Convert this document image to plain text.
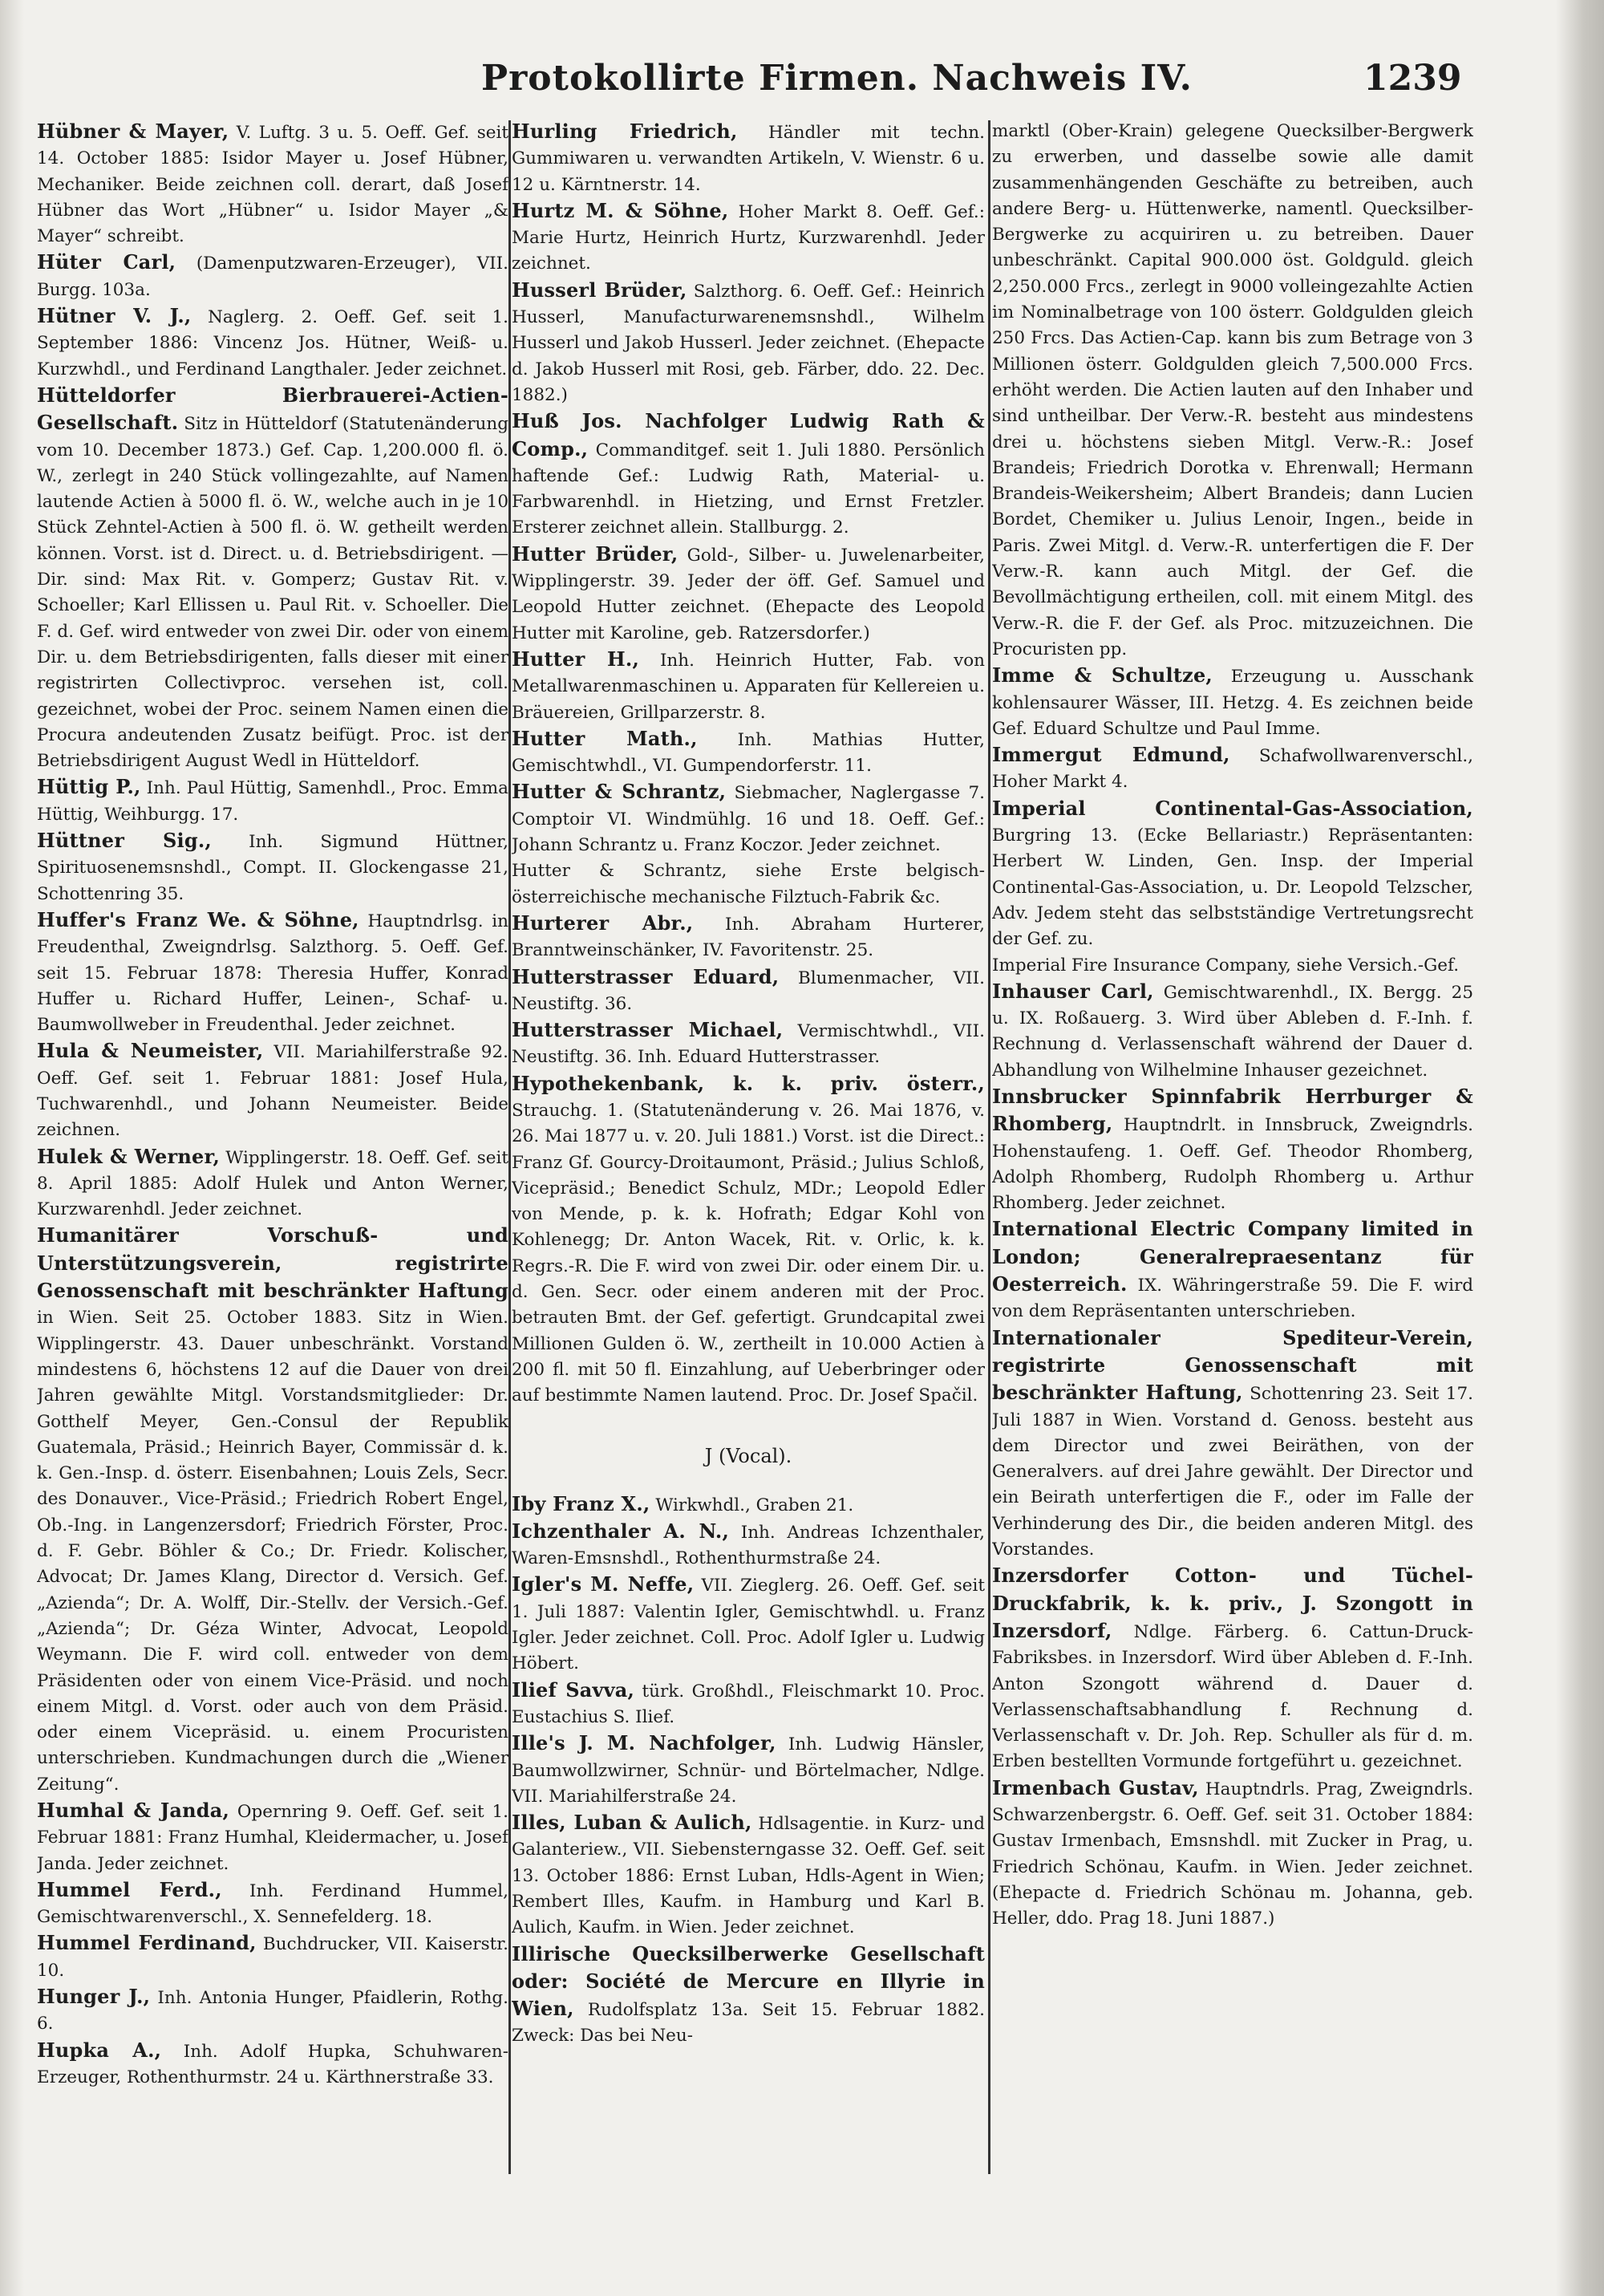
Protokollirte Firmen. Nachweis IV.	1239

Hübner & Mayer, V. Luftg. 3 u. 5. Oeff. Gef. seit 14. October 1885: Isidor Mayer u. Josef Hübner, Mechaniker. Beide zeichnen coll. derart, daß Josef Hübner das Wort „Hübner“ u. Isidor Mayer „& Mayer“ schreibt.

Hüter Carl, (Damenputzwaren-Erzeuger), VII. Burgg. 103a.

Hütner V. J., Naglerg. 2. Oeff. Gef. seit 1. September 1886: Vincenz Jos. Hütner, Weiß- u. Kurzwhdl., und Ferdinand Langthaler. Jeder zeichnet.

Hütteldorfer Bierbrauerei-Actien-Gesellschaft. Sitz in Hütteldorf (Statutenänderung vom 10. December 1873.) Gef. Cap. 1,200.000 fl. ö. W., zerlegt in 240 Stück vollingezahlte, auf Namen lautende Actien à 5000 fl. ö. W., welche auch in je 10 Stück Zehntel-Actien à 500 fl. ö. W. getheilt werden können. Vorst. ist d. Direct. u. d. Betriebsdirigent. — Dir. sind: Max Rit. v. Gomperz; Gustav Rit. v. Schoeller; Karl Ellissen u. Paul Rit. v. Schoeller. Die F. d. Gef. wird entweder von zwei Dir. oder von einem Dir. u. dem Betriebsdirigenten, falls dieser mit einer registrirten Collectivproc. versehen ist, coll. gezeichnet, wobei der Proc. seinem Namen einen die Procura andeutenden Zusatz beifügt. Proc. ist der Betriebsdirigent August Wedl in Hütteldorf.

Hüttig P., Inh. Paul Hüttig, Samenhdl., Proc. Emma Hüttig, Weihburgg. 17.

Hüttner Sig., Inh. Sigmund Hüttner, Spirituosenemsnshdl., Compt. II. Glockengasse 21, Schottenring 35.

Huffer's Franz We. & Söhne, Hauptndrlsg. in Freudenthal, Zweigndrlsg. Salzthorg. 5. Oeff. Gef. seit 15. Februar 1878: Theresia Huffer, Konrad Huffer u. Richard Huffer, Leinen-, Schaf- u. Baumwollweber in Freudenthal. Jeder zeichnet.

Hula & Neumeister, VII. Mariahilferstraße 92. Oeff. Gef. seit 1. Februar 1881: Josef Hula, Tuchwarenhdl., und Johann Neumeister. Beide zeichnen.

Hulek & Werner, Wipplingerstr. 18. Oeff. Gef. seit 8. April 1885: Adolf Hulek und Anton Werner, Kurzwarenhdl. Jeder zeichnet.

Humanitärer Vorschuß- und Unterstützungsverein, registrirte Genossenschaft mit beschränkter Haftung in Wien. Seit 25. October 1883. Sitz in Wien. Wipplingerstr. 43. Dauer unbeschränkt. Vorstand mindestens 6, höchstens 12 auf die Dauer von drei Jahren gewählte Mitgl. Vorstandsmitglieder: Dr. Gotthelf Meyer, Gen.-Consul der Republik Guatemala, Präsid.; Heinrich Bayer, Commissär d. k. k. Gen.-Insp. d. österr. Eisenbahnen; Louis Zels, Secr. des Donauver., Vice-Präsid.; Friedrich Robert Engel, Ob.-Ing. in Langenzersdorf; Friedrich Förster, Proc. d. F. Gebr. Böhler & Co.; Dr. Friedr. Kolischer, Advocat; Dr. James Klang, Director d. Versich. Gef. „Azienda“; Dr. A. Wolff, Dir.-Stellv. der Versich.-Gef. „Azienda“; Dr. Géza Winter, Advocat, Leopold Weymann. Die F. wird coll. entweder von dem Präsidenten oder von einem Vice-Präsid. und noch einem Mitgl. d. Vorst. oder auch von dem Präsid. oder einem Vicepräsid. u. einem Procuristen unterschrieben. Kundmachungen durch die „Wiener Zeitung“.

Humhal & Janda, Opernring 9. Oeff. Gef. seit 1. Februar 1881: Franz Humhal, Kleidermacher, u. Josef Janda. Jeder zeichnet.

Hummel Ferd., Inh. Ferdinand Hummel, Gemischtwarenverschl., X. Sennefelderg. 18.

Hummel Ferdinand, Buchdrucker, VII. Kaiserstr. 10.

Hunger J., Inh. Antonia Hunger, Pfaidlerin, Rothg. 6.

Hupka A., Inh. Adolf Hupka, Schuhwaren-Erzeuger, Rothenthurmstr. 24 u. Kärthnerstraße 33.

Hurling Friedrich, Händler mit techn. Gummiwaren u. verwandten Artikeln, V. Wienstr. 6 u. 12 u. Kärntnerstr. 14.

Hurtz M. & Söhne, Hoher Markt 8. Oeff. Gef.: Marie Hurtz, Heinrich Hurtz, Kurzwarenhdl. Jeder zeichnet.

Husserl Brüder, Salzthorg. 6. Oeff. Gef.: Heinrich Husserl, Manufacturwarenemsnshdl., Wilhelm Husserl und Jakob Husserl. Jeder zeichnet. (Ehepacte d. Jakob Husserl mit Rosi, geb. Färber, ddo. 22. Dec. 1882.)

Huß Jos. Nachfolger Ludwig Rath & Comp., Commanditgef. seit 1. Juli 1880. Persönlich haftende Gef.: Ludwig Rath, Material- u. Farbwarenhdl. in Hietzing, und Ernst Fretzler. Ersterer zeichnet allein. Stallburgg. 2.

Hutter Brüder, Gold-, Silber- u. Juwelenarbeiter, Wipplingerstr. 39. Jeder der öff. Gef. Samuel und Leopold Hutter zeichnet. (Ehepacte des Leopold Hutter mit Karoline, geb. Ratzersdorfer.)

Hutter H., Inh. Heinrich Hutter, Fab. von Metallwarenmaschinen u. Apparaten für Kellereien u. Bräuereien, Grillparzerstr. 8.

Hutter Math., Inh. Mathias Hutter, Gemischtwhdl., VI. Gumpendorferstr. 11.

Hutter & Schrantz, Siebmacher, Naglergasse 7. Comptoir VI. Windmühlg. 16 und 18. Oeff. Gef.: Johann Schrantz u. Franz Koczor. Jeder zeichnet.

Hutter & Schrantz, siehe Erste belgisch-österreichische mechanische Filztuch-Fabrik &c.

Hurterer Abr., Inh. Abraham Hurterer, Branntweinschänker, IV. Favoritenstr. 25.

Hutterstrasser Eduard, Blumenmacher, VII. Neustiftg. 36.

Hutterstrasser Michael, Vermischtwhdl., VII. Neustiftg. 36. Inh. Eduard Hutterstrasser.

Hypothekenbank, k. k. priv. österr., Strauchg. 1. (Statutenänderung v. 26. Mai 1876, v. 26. Mai 1877 u. v. 20. Juli 1881.) Vorst. ist die Direct.: Franz Gf. Gourcy-Droitaumont, Präsid.; Julius Schloß, Vicepräsid.; Benedict Schulz, MDr.; Leopold Edler von Mende, p. k. k. Hofrath; Edgar Kohl von Kohlenegg; Dr. Anton Wacek, Rit. v. Orlic, k. k. Regrs.-R. Die F. wird von zwei Dir. oder einem Dir. u. d. Gen. Secr. oder einem anderen mit der Proc. betrauten Bmt. der Gef. gefertigt. Grundcapital zwei Millionen Gulden ö. W., zertheilt in 10.000 Actien à 200 fl. mit 50 fl. Einzahlung, auf Ueberbringer oder auf bestimmte Namen lautend. Proc. Dr. Josef Spačil.

J (Vocal).

Iby Franz X., Wirkwhdl., Graben 21.

Ichzenthaler A. N., Inh. Andreas Ichzenthaler, Waren-Emsnshdl., Rothenthurmstraße 24.

Igler's M. Neffe, VII. Zieglerg. 26. Oeff. Gef. seit 1. Juli 1887: Valentin Igler, Gemischtwhdl. u. Franz Igler. Jeder zeichnet. Coll. Proc. Adolf Igler u. Ludwig Höbert.

Ilief Savva, türk. Großhdl., Fleischmarkt 10. Proc. Eustachius S. Ilief.

Ille's J. M. Nachfolger, Inh. Ludwig Hänsler, Baumwollzwirner, Schnür- und Börtelmacher, Ndlge. VII. Mariahilferstraße 24.

Illes, Luban & Aulich, Hdlsagentie. in Kurz- und Galanteriew., VII. Siebensterngasse 32. Oeff. Gef. seit 13. October 1886: Ernst Luban, Hdls-Agent in Wien; Rembert Illes, Kaufm. in Hamburg und Karl B. Aulich, Kaufm. in Wien. Jeder zeichnet.

Illirische Quecksilberwerke Gesellschaft oder: Société de Mercure en Illyrie in Wien, Rudolfsplatz 13a. Seit 15. Februar 1882. Zweck: Das bei Neu-

marktl (Ober-Krain) gelegene Quecksilber-Bergwerk zu erwerben, und dasselbe sowie alle damit zusammenhängenden Geschäfte zu betreiben, auch andere Berg- u. Hüttenwerke, namentl. Quecksilber-Bergwerke zu acquiriren u. zu betreiben. Dauer unbeschränkt. Capital 900.000 öst. Goldguld. gleich 2,250.000 Frcs., zerlegt in 9000 volleingezahlte Actien im Nominalbetrage von 100 österr. Goldgulden gleich 250 Frcs. Das Actien-Cap. kann bis zum Betrage von 3 Millionen österr. Goldgulden gleich 7,500.000 Frcs. erhöht werden. Die Actien lauten auf den Inhaber und sind untheilbar. Der Verw.-R. besteht aus mindestens drei u. höchstens sieben Mitgl. Verw.-R.: Josef Brandeis; Friedrich Dorotka v. Ehrenwall; Hermann Brandeis-Weikersheim; Albert Brandeis; dann Lucien Bordet, Chemiker u. Julius Lenoir, Ingen., beide in Paris. Zwei Mitgl. d. Verw.-R. unterfertigen die F. Der Verw.-R. kann auch Mitgl. der Gef. die Bevollmächtigung ertheilen, coll. mit einem Mitgl. des Verw.-R. die F. der Gef. als Proc. mitzuzeichnen. Die Procuristen pp.

Imme & Schultze, Erzeugung u. Ausschank kohlensaurer Wässer, III. Hetzg. 4. Es zeichnen beide Gef. Eduard Schultze und Paul Imme.

Immergut Edmund, Schafwollwarenverschl., Hoher Markt 4.

Imperial Continental-Gas-Association, Burgring 13. (Ecke Bellariastr.) Repräsentanten: Herbert W. Linden, Gen. Insp. der Imperial Continental-Gas-Association, u. Dr. Leopold Telzscher, Adv. Jedem steht das selbstständige Vertretungsrecht der Gef. zu.

Imperial Fire Insurance Company, siehe Versich.-Gef.

Inhauser Carl, Gemischtwarenhdl., IX. Bergg. 25 u. IX. Roßauerg. 3. Wird über Ableben d. F.-Inh. f. Rechnung d. Verlassenschaft während der Dauer d. Abhandlung von Wilhelmine Inhauser gezeichnet.

Innsbrucker Spinnfabrik Herrburger & Rhomberg, Hauptndrlt. in Innsbruck, Zweigndrls. Hohenstaufeng. 1. Oeff. Gef. Theodor Rhomberg, Adolph Rhomberg, Rudolph Rhomberg u. Arthur Rhomberg. Jeder zeichnet.

International Electric Company limited in London; Generalrepraesentanz für Oesterreich. IX. Währingerstraße 59. Die F. wird von dem Repräsentanten unterschrieben.

Internationaler Spediteur-Verein, registrirte Genossenschaft mit beschränkter Haftung, Schottenring 23. Seit 17. Juli 1887 in Wien. Vorstand d. Genoss. besteht aus dem Director und zwei Beiräthen, von der Generalvers. auf drei Jahre gewählt. Der Director und ein Beirath unterfertigen die F., oder im Falle der Verhinderung des Dir., die beiden anderen Mitgl. des Vorstandes.

Inzersdorfer Cotton- und Tüchel-Druckfabrik, k. k. priv., J. Szongott in Inzersdorf, Ndlge. Färberg. 6. Cattun-Druck-Fabriksbes. in Inzersdorf. Wird über Ableben d. F.-Inh. Anton Szongott während d. Dauer d. Verlassenschaftsabhandlung f. Rechnung d. Verlassenschaft v. Dr. Joh. Rep. Schuller als für d. m. Erben bestellten Vormunde fortgeführt u. gezeichnet.

Irmenbach Gustav, Hauptndrls. Prag, Zweigndrls. Schwarzenbergstr. 6. Oeff. Gef. seit 31. October 1884: Gustav Irmenbach, Emsnshdl. mit Zucker in Prag, u. Friedrich Schönau, Kaufm. in Wien. Jeder zeichnet. (Ehepacte d. Friedrich Schönau m. Johanna, geb. Heller, ddo. Prag 18. Juni 1887.)
